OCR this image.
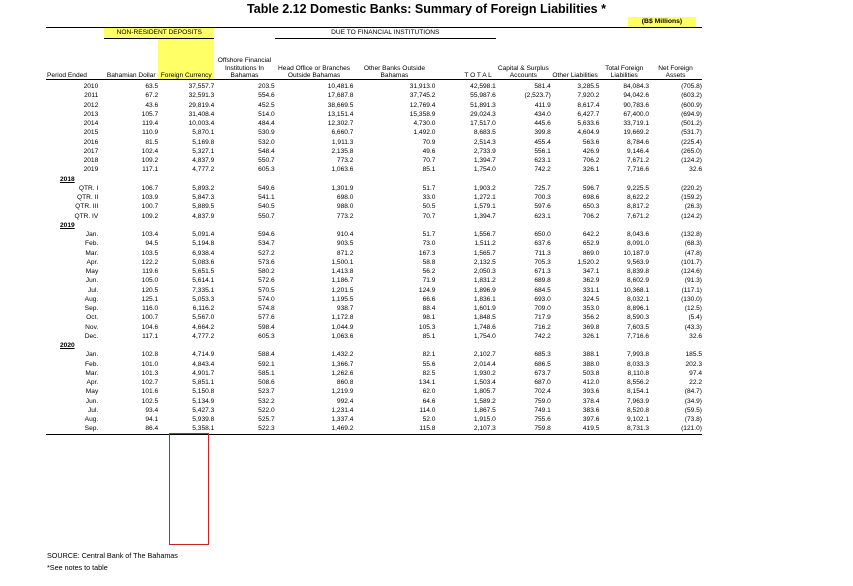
Table 2.12 Domestic Banks: Summary of Foreign Liabilities *
(B$ Millions)
	NON-RESIDENT DEPOSITS		Offshore Financial Institutions In Bahamas	DUE TO FINANCIAL INSTITUTIONS						
Period Ended	Bahamian Dollar	Foreign Currency		Head Office or Branches Outside Bahamas	Other Banks Outside Bahamas	T O T A L	Capital & Surplus Accounts	Other Liabilities	Total Foreign Liabilities	Net Foreign Assets

2010	63.5	37,557.7	203.5	10,481.6	31,913.0	42,598.1	581.4	3,285.5	84,084.3	(705.8)
2011	67.2	32,591.3	554.6	17,687.8	37,745.2	55,987.6	(2,523.7)	7,920.2	94,042.6	(603.2)
2012	43.6	29,819.4	452.5	38,669.5	12,769.4	51,891.3	411.9	8,617.4	90,783.6	(600.9)
2013	105.7	31,408.4	514.0	13,151.4	15,358.9	29,024.3	434.0	6,427.7	67,400.0	(694.9)
2014	119.4	10,003.4	484.4	12,302.7	4,730.0	17,517.0	445.6	5,633.6	33,719.1	(501.2)
2015	110.9	5,870.1	530.9	6,660.7	1,492.0	8,683.5	399.8	4,604.9	19,669.2	(531.7)
2016	81.5	5,169.8	532.0	1,911.3	70.9	2,514.3	455.4	563.6	8,784.6	(225.4)
2017	102.4	5,327.1	548.4	2,135.8	49.6	2,733.9	556.1	426.9	9,146.4	(265.0)
2018	109.2	4,837.9	550.7	773.2	70.7	1,394.7	623.1	706.2	7,671.2	(124.2)
2019	117.1	4,777.2	605.3	1,063.6	85.1	1,754.0	742.2	326.1	7,716.6	32.6
2018										
QTR. I	106.7	5,893.2	549.6	1,301.9	51.7	1,903.2	725.7	596.7	9,225.5	(220.2)
QTR. II	103.9	5,847.3	541.1	698.0	33.0	1,272.1	700.3	698.6	8,622.2	(159.2)
QTR. III	100.7	5,889.5	540.5	988.0	50.5	1,579.1	597.6	650.3	8,817.2	(26.3)
QTR. IV	109.2	4,837.9	550.7	773.2	70.7	1,394.7	623.1	706.2	7,671.2	(124.2)
2019										
Jan.	103.4	5,091.4	594.6	910.4	51.7	1,556.7	650.0	642.2	8,043.6	(132.8)
Feb.	94.5	5,194.8	534.7	903.5	73.0	1,511.2	637.6	652.9	8,091.0	(68.3)
Mar.	103.5	6,938.4	527.2	871.2	167.3	1,565.7	711.3	869.0	10,187.9	(47.8)
Apr.	122.2	5,083.6	573.6	1,500.1	58.8	2,132.5	705.3	1,520.2	9,563.9	(101.7)
May	119.6	5,651.5	580.2	1,413.8	56.2	2,050.3	671.3	347.1	8,839.8	(124.6)
Jun.	105.0	5,614.1	572.6	1,186.7	71.9	1,831.2	689.8	362.9	8,602.9	(91.3)
Jul.	120.5	7,335.1	570.5	1,201.5	124.9	1,896.9	684.5	331.1	10,368.1	(117.1)
Aug.	125.1	5,053.3	574.0	1,195.5	66.6	1,836.1	693.0	324.5	8,032.1	(130.0)
Sep.	116.0	6,116.2	574.8	938.7	88.4	1,601.9	709.0	353.0	8,896.1	(12.5)
Oct.	100.7	5,567.0	577.6	1,172.8	98.1	1,848.5	717.9	356.2	8,590.3	(5.4)
Nov.	104.6	4,664.2	598.4	1,044.9	105.3	1,748.6	716.2	369.8	7,603.5	(43.3)
Dec.	117.1	4,777.2	605.3	1,063.6	85.1	1,754.0	742.2	326.1	7,716.6	32.6
2020										
Jan.	102.8	4,714.9	588.4	1,432.2	82.1	2,102.7	685.3	388.1	7,993.8	185.5
Feb.	101.0	4,843.4	592.1	1,366.7	55.6	2,014.4	686.5	388.0	8,033.3	202.3
Mar.	101.3	4,901.7	585.1	1,262.6	82.5	1,930.2	673.7	503.8	8,110.8	97.4
Apr.	102.7	5,851.1	508.6	860.8	134.1	1,503.4	687.0	412.0	8,556.2	22.2
May	101.6	5,150.8	523.7	1,219.9	62.0	1,805.7	702.4	393.6	8,154.1	(84.7)
Jun.	102.5	5,134.9	532.2	992.4	64.6	1,589.2	759.0	378.4	7,963.9	(34.9)
Jul.	93.4	5,427.3	522.0	1,231.4	114.0	1,867.5	749.1	383.6	8,520.8	(59.5)
Aug.	94.1	5,939.8	525.7	1,337.4	52.0	1,915.0	755.6	397.6	9,102.1	(73.8)
Sep.	86.4	5,358.1	522.3	1,469.2	115.8	2,107.3	759.8	419.5	8,731.3	(121.0)
SOURCE: Central Bank of The Bahamas
*See notes to table
